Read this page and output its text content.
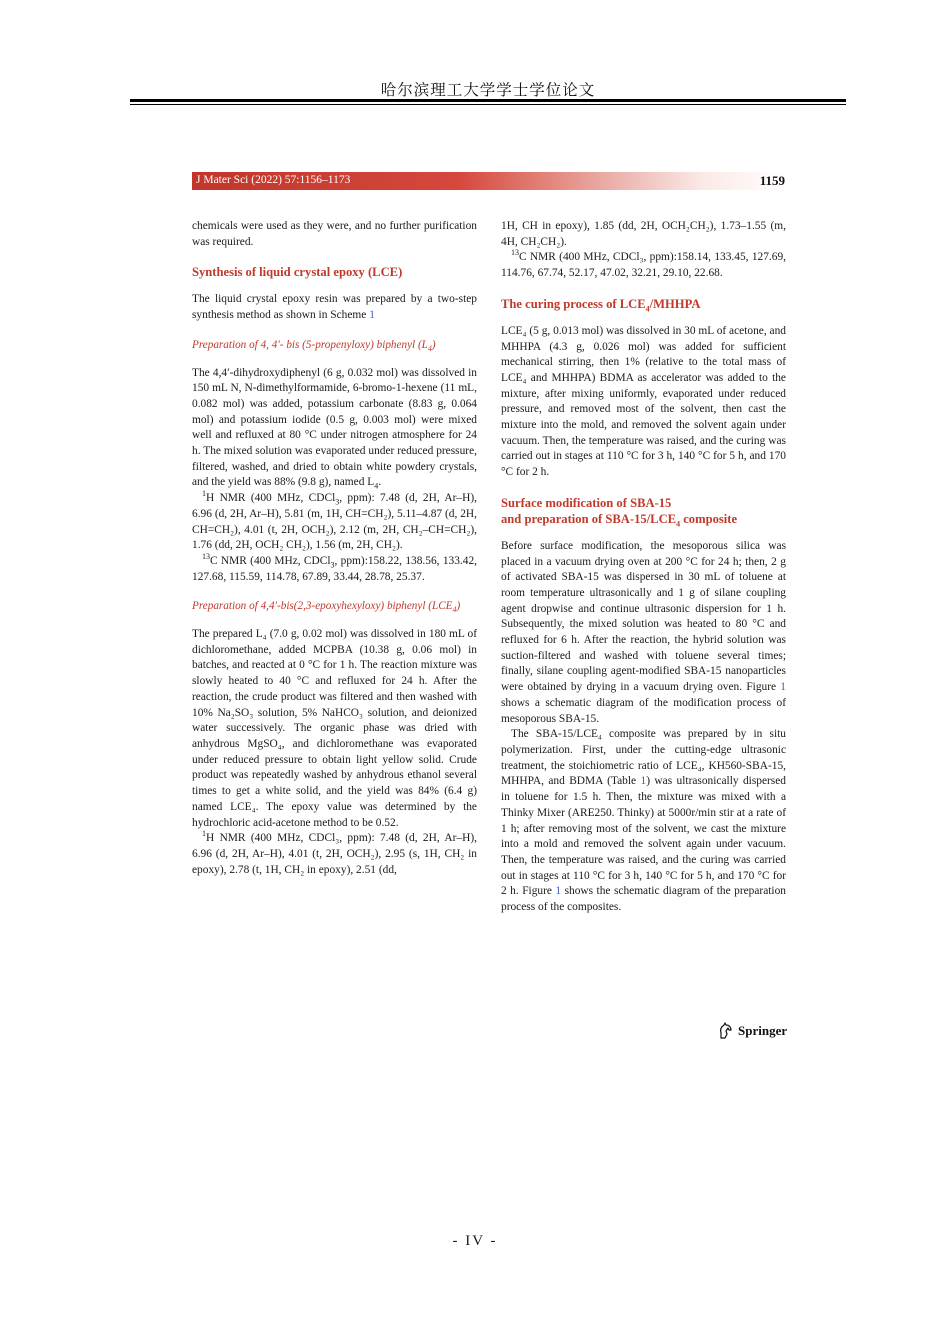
哈尔滨理工大学学士学位论文
J Mater Sci (2022) 57:1156–1173	1159

chemicals were used as they were, and no further purification was required.

Synthesis of liquid crystal epoxy (LCE)

The liquid crystal epoxy resin was prepared by a two-step synthesis method as shown in Scheme 1

Preparation of 4, 4′- bis (5-propenyloxy) biphenyl $(L_4)$

The 4,4′-dihydroxydiphenyl (6 g, 0.032 mol) was dissolved in 150 mL N, N-dimethylformamide, 6-bromo-1-hexene (11 mL, 0.082 mol) was added, potassium carbonate (8.83 g, 0.064 mol) and potassium iodide (0.5 g, 0.003 mol) were mixed well and refluxed at 80 °C under nitrogen atmosphere for 24 h. The mixed solution was evaporated under reduced pressure, filtered, washed, and dried to obtain white powdery crystals, and the yield was 88% (9.8 g), named $L_4$.

$^1$H NMR (400 MHz, CDCl$_3$, ppm): 7.48 (d, 2H, Ar–H), 6.96 (d, 2H, Ar–H), 5.81 (m, 1H, CH=CH₂), 5.11–4.87 (d, 2H, CH=CH₂), 4.01 (t, 2H, OCH₂), 2.12 (m, 2H, CH₂–CH=CH₂), 1.76 (dd, 2H, OCH₂ CH₂), 1.56 (m, 2H, CH₂).

$^{13}$C NMR (400 MHz, CDCl$_3$, ppm):158.22, 138.56, 133.42, 127.68, 115.59, 114.78, 67.89, 33.44, 28.78, 25.37.

Preparation of 4,4′-bis(2,3-epoxyhexyloxy) biphenyl $(LCE_4)$

The prepared L₄ (7.0 g, 0.02 mol) was dissolved in 180 mL of dichloromethane, added MCPBA (10.38 g, 0.06 mol) in batches, and reacted at 0 °C for 1 h. The reaction mixture was slowly heated to 40 °C and refluxed for 24 h. After the reaction, the crude product was filtered and then washed with 10% Na₂SO₃ solution, 5% NaHCO₃ solution, and deionized water successively. The organic phase was dried with anhydrous MgSO₄, and dichloromethane was evaporated under reduced pressure to obtain light yellow solid. Crude product was repeatedly washed by anhydrous ethanol several times to get a white solid, and the yield was 84% (6.4 g) named LCE₄. The epoxy value was determined by the hydrochloric acid-acetone method to be 0.52.

$^1$H NMR (400 MHz, CDCl₃, ppm): 7.48 (d, 2H, Ar–H), 6.96 (d, 2H, Ar–H), 4.01 (t, 2H, OCH₂), 2.95 (s, 1H, CH₂ in epoxy), 2.78 (t, 1H, CH₂ in epoxy), 2.51 (dd,

1H, CH in epoxy), 1.85 (dd, 2H, OCH₂CH₂), 1.73–1.55 (m, 4H, CH₂CH₂).

$^{13}$C NMR (400 MHz, CDCl₃, ppm):158.14, 133.45, 127.69, 114.76, 67.74, 52.17, 47.02, 32.21, 29.10, 22.68.

The curing process of $LCE_4$/MHHPA

LCE₄ (5 g, 0.013 mol) was dissolved in 30 mL of acetone, and MHHPA (4.3 g, 0.026 mol) was added for sufficient mechanical stirring, then 1% (relative to the total mass of LCE₄ and MHHPA) BDMA as accelerator was added to the mixture, after mixing uniformly, evaporated under reduced pressure, and removed most of the solvent, then cast the mixture into the mold, and removed the solvent again under vacuum. Then, the temperature was raised, and the curing was carried out in stages at 110 °C for 3 h, 140 °C for 5 h, and 170 °C for 2 h.

Surface modification of SBA-15
and preparation of SBA-$15/LCE_4$ composite

Before surface modification, the mesoporous silica was placed in a vacuum drying oven at 200 °C for 24 h; then, 2 g of activated SBA-15 was dispersed in 30 mL of toluene at room temperature ultrasonically and 1 g of silane coupling agent dropwise and continue ultrasonic dispersion for 1 h. Subsequently, the mixed solution was heated to 80 °C and refluxed for 6 h. After the reaction, the hybrid solution was suction-filtered and washed with toluene several times; finally, silane coupling agent-modified SBA-15 nanoparticles were obtained by drying in a vacuum drying oven. Figure 1 shows a schematic diagram of the modification process of mesoporous SBA-15.

The SBA-15/LCE₄ composite was prepared by in situ polymerization. First, under the cutting-edge ultrasonic treatment, the stoichiometric ratio of LCE₄, KH560-SBA-15, MHHPA, and BDMA (Table 1) was ultrasonically dispersed in toluene for 1.5 h. Then, the mixture was mixed with a Thinky Mixer (ARE250. Thinky) at 5000r/min stir at a rate of 1 h; after removing most of the solvent, we cast the mixture into a mold and removed the solvent again under vacuum. Then, the temperature was raised, and the curing was carried out in stages at 110 °C for 3 h, 140 °C for 5 h, and 170 °C for 2 h. Figure 1 shows the schematic diagram of the preparation process of the composites.

Springer
- IV -
